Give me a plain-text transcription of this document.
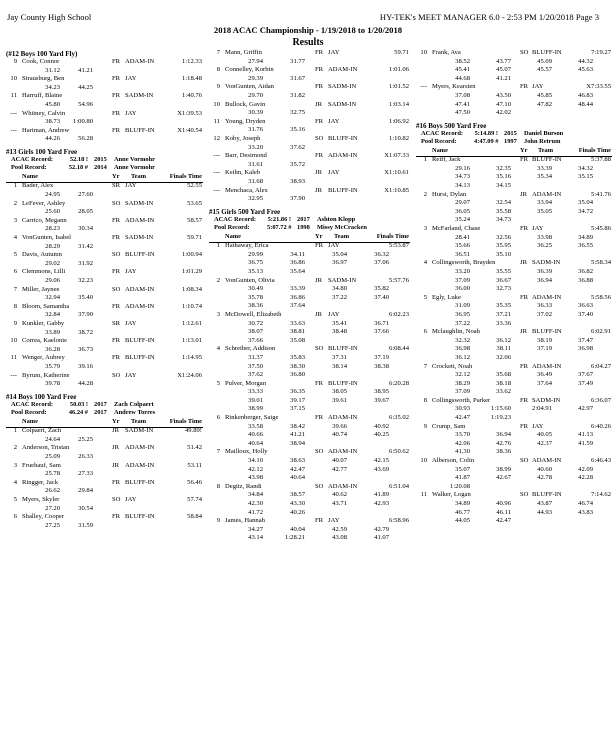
Jay County High School	HY-TEK's MEET MANAGER 6.0 - 2:53 PM 1/20/2018 Page 3
2018 ACAC Championship - 1/19/2018 to 1/20/2018
Results
(#12 Boys 100 Yard Fly)
9 Cook, Connor	FR ADAM-IN	1:12.33
31.12	41.21
10 Strausburg, Ben	FR JAY	1:18.48
34.23	44.25
11 Harruff, Blaine	FR SADM-IN	1:40.76
45.80	54.96
--- Whitney, Calvin	FR JAY	X1:39.53
38.73	1:00.80
--- Hartman, Andrew	FR BLUFF-IN	X1:40.54
44.26	56.28
#13 Girls 100 Yard Free
ACAC Record:	52.18 ! 2015 Anne Vormohr
Pool Record:	52.18 # 2014 Anne Vormohr
Name	Yr Team	Finals Time
1 Bader, Alex	SR JAY	52.55
24.95	27.60
2 LeFever, Ashley	SO SADM-IN	53.65
25.60	28.05
3 Carrico, Megann	FR ADAM-IN	58.57
28.23	30.34
4 VonGunten, Isabel	FR SADM-IN	59.71
28.29	31.42
5 Davis, Autumn	SO BLUFF-IN	1:00.94
29.02	31.92
6 Clemmons, Lilli	FR JAY	1:01.29
29.06	32.23
7 Miller, Jaynee	SO ADAM-IN	1:08.34
32.94	35.40
8 Bloom, Samantha	FR ADAM-IN	1:10.74
32.84	37.90
9 Kunkler, Gabby	SR JAY	1:12.61
33.89	38.72
10 Correa, Kaelonie	FR BLUFF-IN	1:13.01
36.28	36.73
11 Wenger, Aubrey	FR BLUFF-IN	1:14.95
35.79	39.16
--- Byrum, Katherine	SO JAY	X1:24.06
39.78	44.28
#14 Boys 100 Yard Free
ACAC Record:	50.03 ! 2017 Zach Colpaert
Pool Record:	46.24 # 2017 Andrew Torres
Name	Yr Team	Finals Time
1 Colpaert, Zach	JR SADM-IN	49.89!
24.64	25.25
2 Anderson, Tristan	JR ADAM-IN	51.42
25.09	26.33
3 Fruehauf, Sam	JR ADAM-IN	53.11
25.78	27.33
4 Ringger, Jack	FR BLUFF-IN	56.46
26.62	29.84
5 Myers, Skyler	SO JAY	57.74
27.20	30.54
6 Shalley, Cooper	FR BLUFF-IN	58.84
27.25	31.59
7 Mann, Griffin	FR JAY	59.71
27.94	31.77
8 Connelley, Korbin	FR ADAM-IN	1:01.06
29.39	31.67
9 VonGunten, Aidan	FR SADM-IN	1:01.52
29.70	31.82
10 Bullock, Gavin	JR SADM-IN	1:03.14
30.39	32.75
11 Young, Dryden	FR JAY	1:06.92
31.76	35.16
12 Koby, Joseph	SO BLUFF-IN	1:10.82
33.20	37.62
--- Barr, Desimond	FR ADAM-IN	X1:07.33
31.61	35.72
--- Keihn, Kaleb	JR JAY	X1:10.61
31.68	38.93
--- Menchaca, Alex	JR BLUFF-IN	X1:10.85
32.95	37.90
#15 Girls 500 Yard Free
ACAC Record: 5:21.86 ! 2017 Ashton Klopp
Pool Record:	5:07.72 # 1998 Missy McCracken
Name	Yr Team	Finals Time
1 Hathaway, Erica	FR JAY	5:53.87
29.99	34.11	35.04	36.32
36.75	36.86	36.97	37.06
35.13	35.64
2 VonGunten, Olivia	JR SADM-IN	5:57.76
30.49	33.39	34.80	35.82
35.78	36.86	37.22	37.40
38.36	37.64
3 McDowell, Elizabeth	JR JAY	6:02.23
30.72	33.63	35.41	36.71
38.07	38.81	38.48	37.66
37.66	35.08
4 Schreiber, Addison	SO BLUFF-IN	6:08.44
31.37	35.83	37.31	37.19
37.50	38.30	38.14	38.38
37.62	36.80
5 Pulver, Morgan	FR BLUFF-IN	6:20.28
33.33	36.35	38.05	38.95
39.01	39.17	39.61	39.67
38.99	37.15
6 Rinkenberger, Saige	FR ADAM-IN	6:35.02
33.58	38.42	39.66	40.92
40.66	41.21	40.74	40.25
40.64	38.94
7 Mailloux, Holly	SO ADAM-IN	6:50.62
34.10	38.63	40.07	42.15
42.12	42.47	42.77	43.69
43.98	40.64
8 Degitz, Randi	SO ADAM-IN	6:51.04
34.84	38.57	40.62	41.89
42.30	43.30	43.71	42.93
41.72	40.26
9 James, Hannah	FR JAY	6:58.96
34.27	40.04	42.59	42.79
43.14	1:28.21	43.08	41.07
10 Frank, Ava	SO BLUFF-IN	7:19.27
38.52	43.77	45.09	44.32
45.41	45.07	45.57	45.63
44.68	41.21
--- Myers, Kearsten	FR JAY	X7:33.55
37.08	43.50	45.85	46.83
47.41	47.10	47.82	48.44
47.50	42.02
#16 Boys 500 Yard Free
ACAC Record: 5:14.89 ! 2015 Daniel Burson
Pool Record:	4:47.09 # 1997 John Retrum
Name	Yr Team	Finals Time
1 Reiff, Jack	FR BLUFF-IN	5:37.88
29.16	32.35	33.39	34.32
34.73	35.16	35.34	35.15
34.13	34.15
2 Hurst, Dylan	JR ADAM-IN	5:41.76
29.07	32.54	33.94	35.04
36.05	35.58	35.05	34.72
35.24	34.73
3 McFarland, Chase	FR JAY	5:45.86
28.41	32.56	33.98	34.89
35.66	35.95	36.25	36.55
36.51	35.10
4 Collingsworth, Brayden	JR SADM-IN	5:58.34
33.20	35.55	36.39	36.82
37.09	36.67	36.94	36.88
36.00	32.73
5 Egly, Luke	FR ADAM-IN	5:58.56
31.09	35.35	36.33	36.63
36.95	37.21	37.02	37.40
37.22	33.36
6 Mclaughlin, Noah	JR BLUFF-IN	6:02.91
32.32	36.12	38.19	37.47
36.98	38.11	37.19	36.98
36.12	32.06
7 Crockett, Noah	FR ADAM-IN	6:04.27
32.12	35.68	36.49	37.67
38.29	38.18	37.64	37.49
37.09	33.62
8 Collingsworth, Parker	FR SADM-IN	6:36.07
30.93	1:15.60	2:04.91	42.97
42.47	1:19.23
9 Crump, Sam	FR JAY	6:40.26
33.70	36.94	40.05	41.13
42.06	42.76	42.37	41.59
41.30	38.36
10 Alberson, Colin	SO ADAM-IN	6:46.43
35.07	38.99	40.60	42.09
41.87	42.67	42.78	42.28
1:20.08
11 Walker, Logan	SO BLUFF-IN	7:14.62
34.89	40.96	43.87	46.74
46.77	46.11	44.93	43.83
44.05	42.47
